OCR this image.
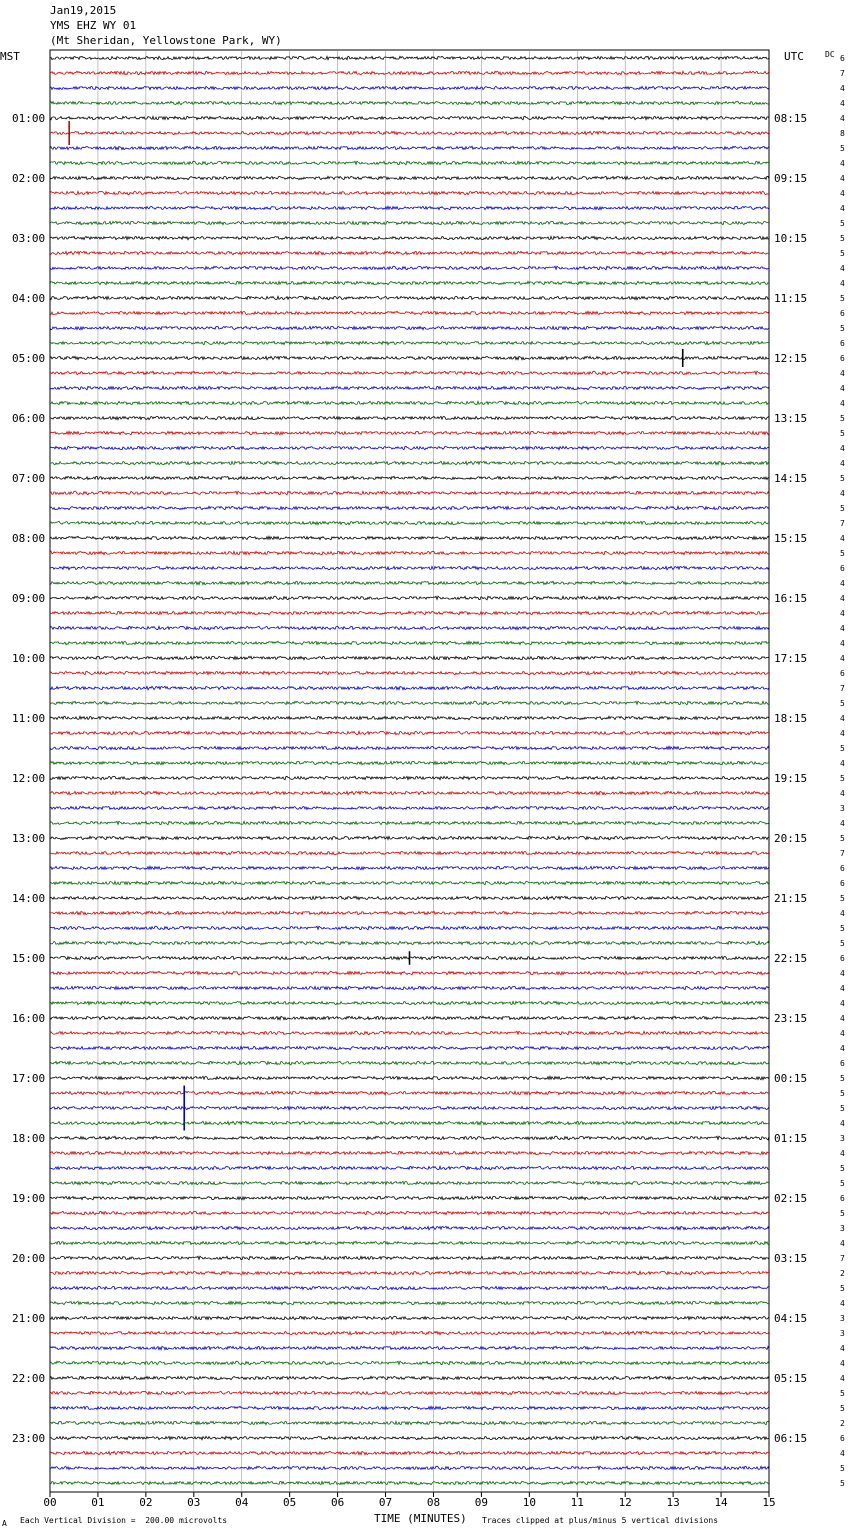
Jan19,2015
YMS EHZ WY 01
(Mt Sheridan, Yellowstone Park, WY)
MST	UTC	DC
00	01	02	03	04	05	06	07	08	09	10	11	12	13	14	15
6
7
4
4
4
8
5
4
4
4
4
5
5
5
4
4
5
6
5
6
6
4
4
4
5
5
4
4
5
4
5
7
4
5
6
4
4
4
4
4
4
6
7
5
4
4
5
4
5
4
3
4
5
7
6
6
5
4
5
5
6
4
4
4
4
4
4
6
5
5
5
4
3
4
5
5
6
5
3
4
7
2
5
4
3
3
4
4
4
5
5
2
6
4
5
5
01:00
02:00
03:00
04:00
05:00
06:00
07:00
08:00
09:00
10:00
11:00
12:00
13:00
14:00
15:00
16:00
17:00
18:00
19:00
20:00
21:00
22:00
23:00
08:15
09:15
10:15
11:15
12:15
13:15
14:15
15:15
16:15
17:15
18:15
19:15
20:15
21:15
22:15
23:15
00:15
01:15
02:15
03:15
04:15
05:15
06:15
A Each Vertical Division =  200.00 microvolts	TIME (MINUTES) Traces clipped at plus/minus 5 vertical divisions
